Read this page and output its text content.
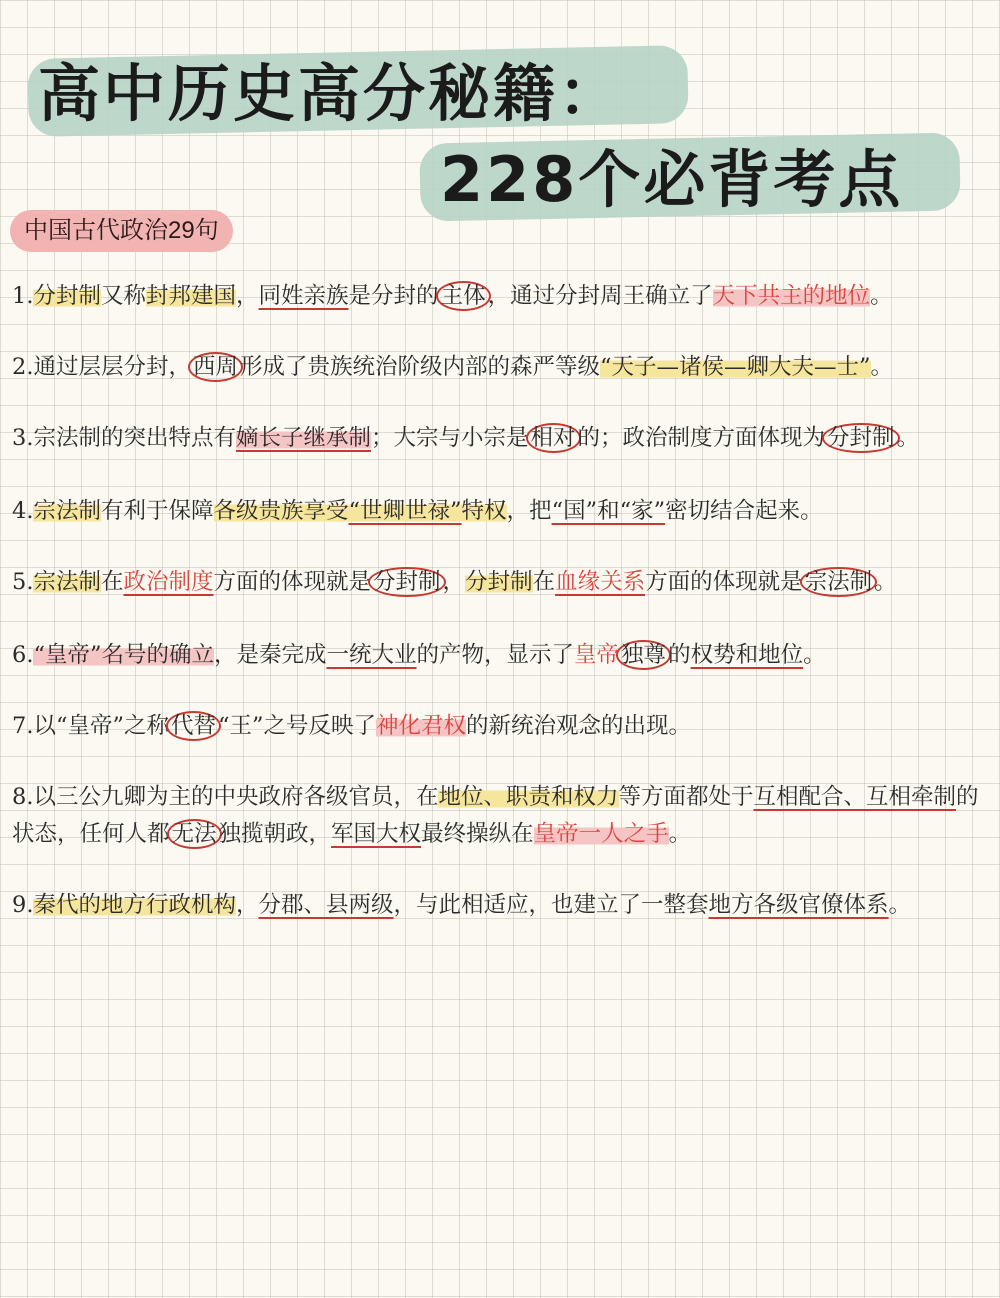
高中历史高分秘籍：
228个必背考点
中国古代政治29句

1.分封制又称封邦建国，同姓亲族是分封的主体，通过分封周王确立了天下共主的地位。

2.通过层层分封，西周形成了贵族统治阶级内部的森严等级“天子—诸侯—卿大夫—士”。

3.宗法制的突出特点有嫡长子继承制；大宗与小宗是相对的；政治制度方面体现为分封制。

4.宗法制有利于保障各级贵族享受“世卿世禄”特权，把“国”和“家”密切结合起来。

5.宗法制在政治制度方面的体现就是分封制，分封制在血缘关系方面的体现就是宗法制。

6.“皇帝”名号的确立，是秦完成一统大业的产物，显示了皇帝独尊的权势和地位。

7.以“皇帝”之称代替“王”之号反映了神化君权的新统治观念的出现。

8.以三公九卿为主的中央政府各级官员，在地位、职责和权力等方面都处于互相配合、互相牵制的状态，任何人都无法独揽朝政，军国大权最终操纵在皇帝一人之手。

9.秦代的地方行政机构，分郡、县两级，与此相适应，也建立了一整套地方各级官僚体系。
